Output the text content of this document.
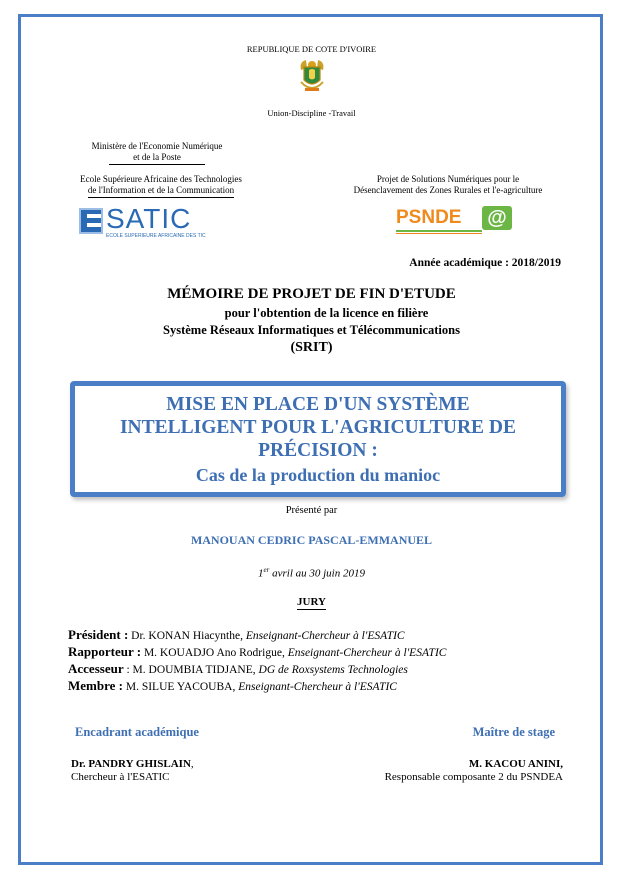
REPUBLIQUE DE COTE D'IVOIRE
Union-Discipline -Travail
Ministère de l'Economie Numérique
et de la Poste
Ecole Supérieure Africaine des Technologies
de l'Information et de la Communication
SATIC
ECOLE SUPERIEURE AFRICAINE DES TIC
Projet de Solutions Numériques pour le
Désenclavement des Zones Rurales et l'e-agriculture
PSNDE @
Année académique : 2018/2019
MÉMOIRE DE PROJET DE FIN D'ETUDE
pour l'obtention de la licence en filière
Système Réseaux Informatiques et Télécommunications
(SRIT)
MISE EN PLACE D'UN SYSTÈME
INTELLIGENT POUR L'AGRICULTURE DE
PRÉCISION :
Cas de la production du manioc
Présenté par
MANOUAN CEDRIC PASCAL-EMMANUEL
1er avril au 30 juin 2019
JURY
Président : Dr. KONAN Hiacynthe, Enseignant-Chercheur à l'ESATIC
Rapporteur : M. KOUADJO Ano Rodrigue, Enseignant-Chercheur à l'ESATIC
Accesseur : M. DOUMBIA TIDJANE, DG de Roxsystems Technologies
Membre : M. SILUE YACOUBA, Enseignant-Chercheur à l'ESATIC
Encadrant académique	Maître de stage
Dr. PANDRY GHISLAIN,
Chercheur à l'ESATIC
M. KACOU ANINI,
Responsable composante 2 du PSNDEA
